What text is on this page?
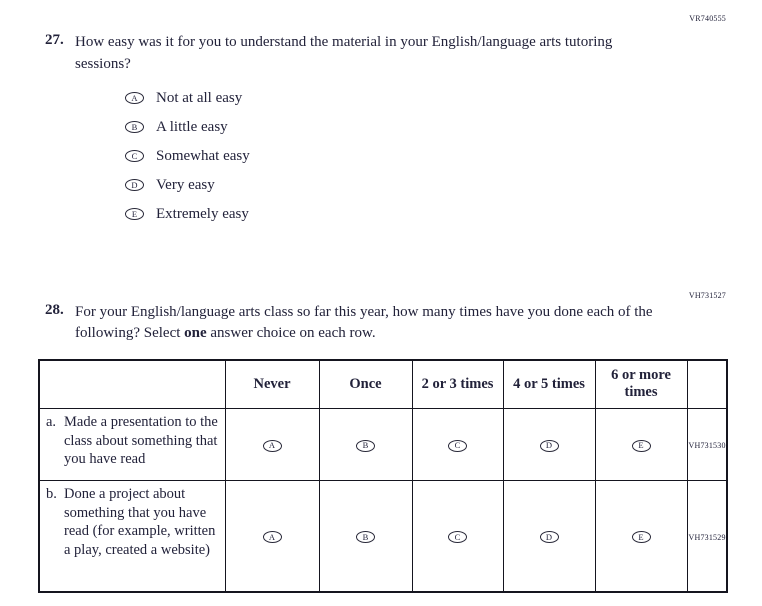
VR740555
27. How easy was it for you to understand the material in your English/language arts tutoring sessions?
A	Not at all easy
B	A little easy
C	Somewhat easy
D	Very easy
E	Extremely easy
VH731527
28. For your English/language arts class so far this year, how many times have you done each of the following? Select one answer choice on each row.
	Never	Once	2 or 3 times	4 or 5 times	6 or more times	

a. Made a presentation to the class about something that you have read	A	B	C	D	E	VH731530

b. Done a project about something that you have read (for example, written a play, created a website)	A	B	C	D	E	VH731529
